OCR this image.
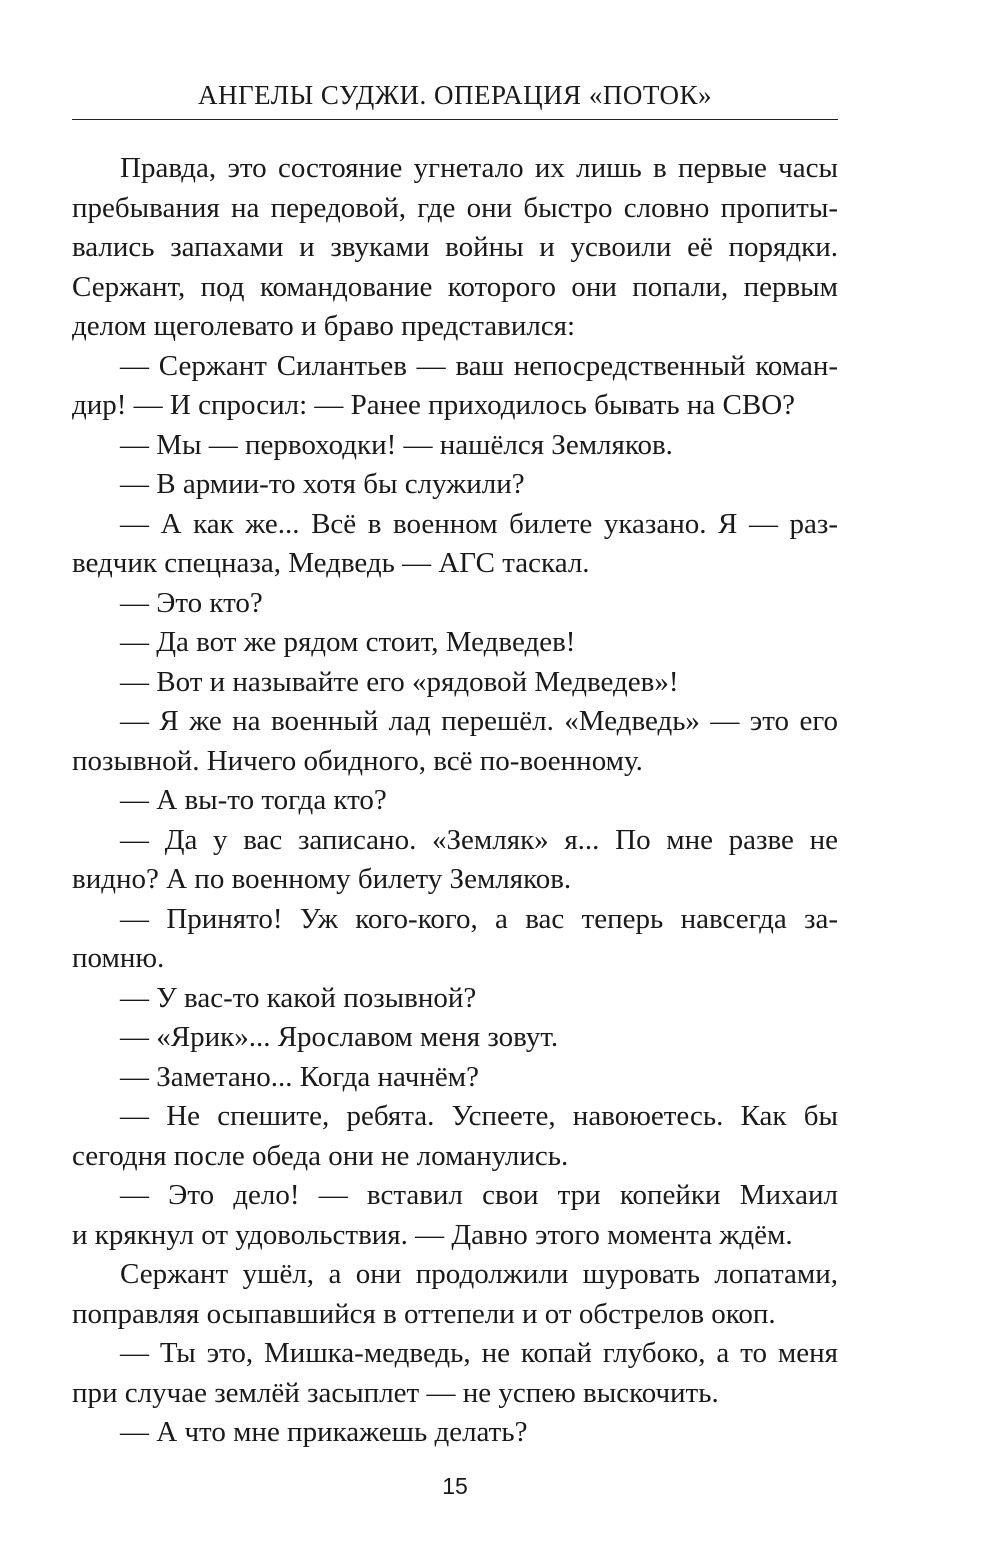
АНГЕЛЫ СУДЖИ. ОПЕРАЦИЯ «ПОТОК»
Правда, это состояние угнетало их лишь в первые часы
пребывания на передовой, где они быстро словно пропиты-
вались запахами и звуками войны и усвоили её порядки.
Сержант, под командование которого они попали, первым
делом щеголевато и браво представился:
— Сержант Силантьев — ваш непосредственный коман-
дир! — И спросил: — Ранее приходилось бывать на СВО?
— Мы — первоходки! — нашёлся Земляков.
— В армии-то хотя бы служили?
— А как же... Всё в военном билете указано. Я — раз-
ведчик спецназа, Медведь — АГС таскал.
— Это кто?
— Да вот же рядом стоит, Медведев!
— Вот и называйте его «рядовой Медведев»!
— Я же на военный лад перешёл. «Медведь» — это его
позывной. Ничего обидного, всё по-военному.
— А вы-то тогда кто?
— Да у вас записано. «Земляк» я... По мне разве не
видно? А по военному билету Земляков.
— Принято! Уж кого-кого, а вас теперь навсегда за-
помню.
— У вас-то какой позывной?
— «Ярик»... Ярославом меня зовут.
— Заметано... Когда начнём?
— Не спешите, ребята. Успеете, навоюетесь. Как бы
сегодня после обеда они не ломанулись.
— Это дело! — вставил свои три копейки Михаил
и крякнул от удовольствия. — Давно этого момента ждём.
Сержант ушёл, а они продолжили шуровать лопатами,
поправляя осыпавшийся в оттепели и от обстрелов окоп.
— Ты это, Мишка-медведь, не копай глубоко, а то меня
при случае землёй засыплет — не успею выскочить.
— А что мне прикажешь делать?
15
